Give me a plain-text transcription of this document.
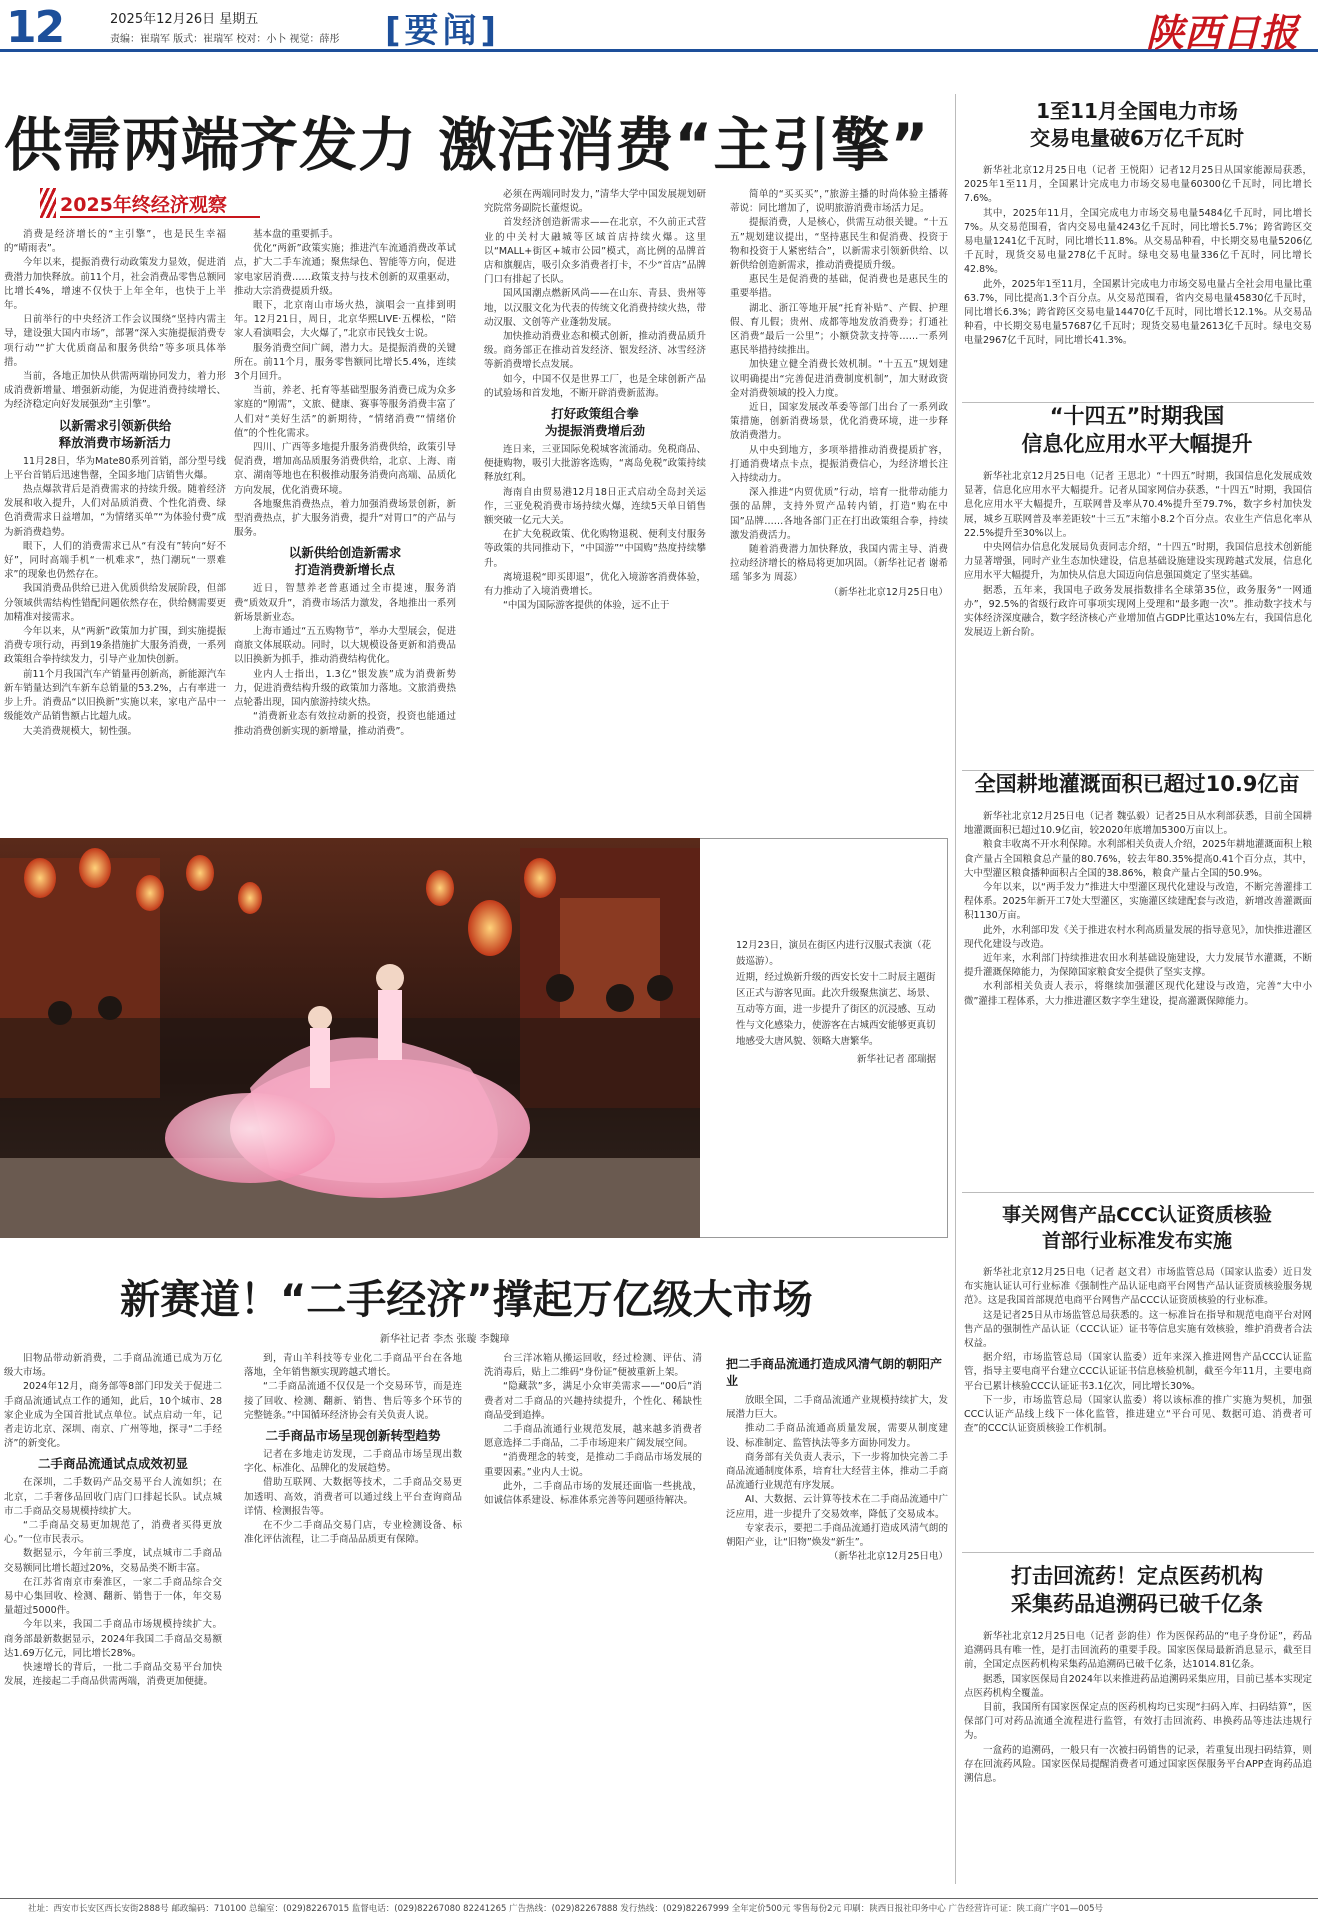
12	2025年12月26日 星期五
责编：崔瑞军 版式：崔瑞军 校对：小卜 视觉：薛彤 [要闻]	陕西日报
供需两端齐发力 激活消费“主引擎”
2025年终经济观察

消费是经济增长的“主引擎”，也是民生幸福的“晴雨表”。

今年以来，提振消费行动政策发力显效，促进消费潜力加快释放。前11个月，社会消费品零售总额同比增长4%，增速不仅快于上年全年，也快于上半年。

日前举行的中央经济工作会议围绕“坚持内需主导，建设强大国内市场”，部署“深入实施提振消费专项行动”“扩大优质商品和服务供给”等多项具体举措。

当前，各地正加快从供需两端协同发力，着力形成消费新增量、增强新动能，为促进消费持续增长、为经济稳定向好发展强劲“主引擎”。

以新需求引领新供给
释放消费市场新活力

11月28日，华为Mate80系列首销，部分型号线上平台首销后迅速售罄，全国多地门店销售火爆。

热点爆款背后是消费需求的持续升级。随着经济发展和收入提升，人们对品质消费、个性化消费、绿色消费需求日益增加，“为情绪买单”“为体验付费”成为新消费趋势。

眼下，人们的消费需求已从“有没有”转向“好不好”，同时高端手机“一机难求”，热门潮玩“一票难求”的现象也仍然存在。

我国消费品供给已进入优质供给发展阶段，但部分领域供需结构性错配问题依然存在，供给侧需要更加精准对接需求。

今年以来，从“两新”政策加力扩围，到实施提振消费专项行动，再到19条措施扩大服务消费，一系列政策组合拳持续发力，引导产业加快创新。

前11个月我国汽车产销量再创新高，新能源汽车新车销量达到汽车新车总销量的53.2%，占有率进一步上升。消费品“以旧换新”实施以来，家电产品中一级能效产品销售额占比超九成。

大美消费规模大，韧性强。

基本盘的重要抓手。

优化“两新”政策实施；推进汽车流通消费改革试点，扩大二手车流通；聚焦绿色、智能等方向，促进家电家居消费……政策支持与技术创新的双重驱动，推动大宗消费提质升级。

眼下，北京南山市场火热，演唱会一直排到明年。12月21日，周日，北京华熙LIVE·五棵松，“陪家人看演唱会，大火爆了，”北京市民钱女士说。

服务消费空间广阔，潜力大。是提振消费的关键所在。前11个月，服务零售额同比增长5.4%，连续3个月回升。

当前，养老、托育等基础型服务消费已成为众多家庭的“刚需”，文旅、健康、赛事等服务消费丰富了人们对“美好生活”的新期待，“情绪消费”“情绪价值”的个性化需求。

四川、广西等多地提升服务消费供给，政策引导促消费，增加高品质服务消费供给，北京、上海、南京、湖南等地也在积极推动服务消费向高端、品质化方向发展，优化消费环境。

各地聚焦消费热点，着力加强消费场景创新，新型消费热点，扩大服务消费，提升“对胃口”的产品与服务。

以新供给创造新需求
打造消费新增长点

近日，智慧养老普惠通过全市提速，服务消费“质效双升”，消费市场活力激发，各地推出一系列新场景新业态。

上海市通过“五五购物节”，举办大型展会，促进商旅文体展联动。同时，以大规模设备更新和消费品以旧换新为抓手，推动消费结构优化。

业内人士指出，1.3亿“银发族”成为消费新势力，促进消费结构升级的政策加力落地。文旅消费热点轮番出现，国内旅游持续火热。

“消费新业态有效拉动新的投资，投资也能通过推动消费创新实现的新增量，推动消费”。

必须在两端同时发力，”清华大学中国发展规划研究院常务副院长董煜说。

首发经济创造新需求——在北京，不久前正式营业的中关村大融城等区域首店持续火爆。这里以“MALL+街区+城市公园”模式，高比例的品牌首店和旗舰店，吸引众多消费者打卡，不少“首店”品牌门口有排起了长队。

国风国潮点燃新风尚——在山东、青县、贵州等地，以汉服文化为代表的传统文化消费持续火热，带动汉服、文创等产业蓬勃发展。

加快推动消费业态和模式创新，推动消费品质升级。商务部正在推动首发经济、银发经济、冰雪经济等新消费增长点发展。

如今，中国不仅是世界工厂，也是全球创新产品的试验场和首发地，不断开辟消费新蓝海。

打好政策组合拳
为提振消费增后劲

连日来，三亚国际免税城客流涌动。免税商品、便捷购物，吸引大批游客选购，“离岛免税”政策持续释放红利。

海南自由贸易港12月18日正式启动全岛封关运作，三亚免税消费市场持续火爆，连续5天单日销售额突破一亿元大关。

在扩大免税政策、优化购物退税、便利支付服务等政策的共同推动下，“中国游”“中国购”热度持续攀升。

离境退税“即买即退”，优化入境游客消费体验，有力推动了入境消费增长。

“中国为国际游客提供的体验，远不止于

简单的“买买买”，”旅游主播的时尚体验主播蒋蒂说：同比增加了，说明旅游消费市场活力足。

提振消费，人是核心，供需互动很关键。“十五五”规划建议提出，“坚持惠民生和促消费、投资于物和投资于人紧密结合”，以新需求引领新供给、以新供给创造新需求，推动消费提质升级。

惠民生是促消费的基础，促消费也是惠民生的重要举措。

湖北、浙江等地开展“托育补贴”、产假、护理假、育儿假；贵州、成都等地发放消费券；打通社区消费“最后一公里”；小额贷款支持等……一系列惠民举措持续推出。

加快建立健全消费长效机制。“十五五”规划建议明确提出“完善促进消费制度机制”，加大财政资金对消费领域的投入力度。

近日，国家发展改革委等部门出台了一系列政策措施，创新消费场景，优化消费环境，进一步释放消费潜力。

从中央到地方，多项举措推动消费提质扩容，打通消费堵点卡点，提振消费信心，为经济增长注入持续动力。

深入推进“内贸优质”行动，培育一批带动能力强的品牌，支持外贸产品转内销，打造“购在中国”品牌……各地各部门正在打出政策组合拳，持续激发消费活力。

随着消费潜力加快释放，我国内需主导、消费拉动经济增长的格局将更加巩固。（新华社记者 谢希瑶 邹多为 周蕊）

（新华社北京12月25日电）

12月23日，演员在街区内进行汉服式表演（花鼓巡游）。

近期，经过焕新升级的西安长安十二时辰主题街区正式与游客见面。此次升级聚焦演艺、场景、互动等方面，进一步提升了街区的沉浸感、互动性与文化感染力，使游客在古城西安能够更真切地感受大唐风貌、领略大唐繁华。

新华社记者 邵瑞据
新赛道！“二手经济”撑起万亿级大市场
新华社记者 李杰 张璇 李魏璋

旧物品带动新消费，二手商品流通已成为万亿级大市场。

2024年12月，商务部等8部门印发关于促进二手商品流通试点工作的通知，此后，10个城市、28家企业成为全国首批试点单位。试点启动一年，记者走访北京、深圳、南京、广州等地，探寻“二手经济”的新变化。

二手商品流通试点成效初显

在深圳，二手数码产品交易平台人流如织；在北京，二手奢侈品回收门店门口排起长队。试点城市二手商品交易规模持续扩大。

“二手商品交易更加规范了，消费者买得更放心。”一位市民表示。

数据显示，今年前三季度，试点城市二手商品交易额同比增长超过20%，交易品类不断丰富。

在江苏省南京市秦淮区，一家二手商品综合交易中心集回收、检测、翻新、销售于一体，年交易量超过5000件。

今年以来，我国二手商品市场规模持续扩大。商务部最新数据显示，2024年我国二手商品交易额达1.69万亿元，同比增长28%。

快速增长的背后，一批二手商品交易平台加快发展，连接起二手商品供需两端，消费更加便捷。

到，青山羊科技等专业化二手商品平台在各地落地，全年销售额实现跨越式增长。

“二手商品流通不仅仅是一个交易环节，而是连接了回收、检测、翻新、销售、售后等多个环节的完整链条。”中国循环经济协会有关负责人说。

二手商品市场呈现创新转型趋势

记者在多地走访发现，二手商品市场呈现出数字化、标准化、品牌化的发展趋势。

借助互联网、大数据等技术，二手商品交易更加透明、高效，消费者可以通过线上平台查询商品详情、检测报告等。

在不少二手商品交易门店，专业检测设备、标准化评估流程，让二手商品品质更有保障。

台三洋冰箱从搬运回收，经过检测、评估、清洗消毒后，贴上二维码“身份证”便被重新上架。

“隐藏款”多，满足小众审美需求——“00后”消费者对二手商品的兴趣持续提升，个性化、稀缺性商品受到追捧。

二手商品流通行业规范发展，越来越多消费者愿意选择二手商品，二手市场迎来广阔发展空间。

“消费理念的转变，是推动二手商品市场发展的重要因素。”业内人士说。

此外，二手商品市场的发展还面临一些挑战，如诚信体系建设、标准体系完善等问题亟待解决。

把二手商品流通打造成风清气朗的朝阳产业

放眼全国，二手商品流通产业规模持续扩大，发展潜力巨大。

推动二手商品流通高质量发展，需要从制度建设、标准制定、监管执法等多方面协同发力。

商务部有关负责人表示，下一步将加快完善二手商品流通制度体系，培育壮大经营主体，推动二手商品流通行业规范有序发展。

AI、大数据、云计算等技术在二手商品流通中广泛应用，进一步提升了交易效率，降低了交易成本。

专家表示，要把二手商品流通打造成风清气朗的朝阳产业，让“旧物”焕发“新生”。

（新华社北京12月25日电）
1至11月全国电力市场
交易电量破6万亿千瓦时

新华社北京12月25日电（记者 王悦阳）记者12月25日从国家能源局获悉，2025年1至11月，全国累计完成电力市场交易电量60300亿千瓦时，同比增长7.6%。

其中，2025年11月，全国完成电力市场交易电量5484亿千瓦时，同比增长7%。从交易范围看，省内交易电量4243亿千瓦时，同比增长5.7%；跨省跨区交易电量1241亿千瓦时，同比增长11.8%。从交易品种看，中长期交易电量5206亿千瓦时，现货交易电量278亿千瓦时。绿电交易电量336亿千瓦时，同比增长42.8%。

此外，2025年1至11月，全国累计完成电力市场交易电量占全社会用电量比重63.7%，同比提高1.3个百分点。从交易范围看，省内交易电量45830亿千瓦时，同比增长6.3%；跨省跨区交易电量14470亿千瓦时，同比增长12.1%。从交易品种看，中长期交易电量57687亿千瓦时；现货交易电量2613亿千瓦时。绿电交易电量2967亿千瓦时，同比增长41.3%。

“十四五”时期我国
信息化应用水平大幅提升

新华社北京12月25日电（记者 王思北）“十四五”时期，我国信息化发展成效显著，信息化应用水平大幅提升。记者从国家网信办获悉，“十四五”时期，我国信息化应用水平大幅提升，互联网普及率从70.4%提升至79.7%，数字乡村加快发展，城乡互联网普及率差距较“十三五”末缩小8.2个百分点。农业生产信息化率从22.5%提升至30%以上。

中央网信办信息化发展局负责同志介绍，“十四五”时期，我国信息技术创新能力显著增强，同时产业生态加快建设，信息基础设施建设实现跨越式发展，信息化应用水平大幅提升，为加快从信息大国迈向信息强国奠定了坚实基础。

据悉，五年来，我国电子政务发展指数排名全球第35位，政务服务“一网通办”，92.5%的省级行政许可事项实现网上受理和“最多跑一次”。推动数字技术与实体经济深度融合，数字经济核心产业增加值占GDP比重达10%左右，我国信息化发展迈上新台阶。

全国耕地灌溉面积已超过10.9亿亩

新华社北京12月25日电（记者 魏弘毅）记者25日从水利部获悉，目前全国耕地灌溉面积已超过10.9亿亩，较2020年底增加5300万亩以上。

粮食丰收离不开水利保障。水利部相关负责人介绍，2025年耕地灌溉面积上粮食产量占全国粮食总产量的80.76%，较去年80.35%提高0.41个百分点，其中，大中型灌区粮食播种面积占全国的38.86%，粮食产量占全国的50.9%。

今年以来，以“两手发力”推进大中型灌区现代化建设与改造，不断完善灌排工程体系。2025年新开工7处大型灌区，实施灌区续建配套与改造，新增改善灌溉面积1130万亩。

此外，水利部印发《关于推进农村水利高质量发展的指导意见》，加快推进灌区现代化建设与改造。

近年来，水利部门持续推进农田水利基础设施建设，大力发展节水灌溉，不断提升灌溉保障能力，为保障国家粮食安全提供了坚实支撑。

水利部相关负责人表示，将继续加强灌区现代化建设与改造，完善“大中小微”灌排工程体系，大力推进灌区数字孪生建设，提高灌溉保障能力。

事关网售产品CCC认证资质核验
首部行业标准发布实施

新华社北京12月25日电（记者 赵文君）市场监管总局（国家认监委）近日发布实施认证认可行业标准《强制性产品认证电商平台网售产品认证资质核验服务规范》。这是我国首部规范电商平台网售产品CCC认证资质核验的行业标准。

这是记者25日从市场监管总局获悉的。这一标准旨在指导和规范电商平台对网售产品的强制性产品认证（CCC认证）证书等信息实施有效核验，维护消费者合法权益。

据介绍，市场监管总局（国家认监委）近年来深入推进网售产品CCC认证监管，指导主要电商平台建立CCC认证证书信息核验机制，截至今年11月，主要电商平台已累计核验CCC认证证书3.1亿次，同比增长30%。

下一步，市场监管总局（国家认监委）将以该标准的推广实施为契机，加强CCC认证产品线上线下一体化监管，推进建立“平台可见、数据可追、消费者可查”的CCC认证资质核验工作机制。

打击回流药！定点医药机构
采集药品追溯码已破千亿条

新华社北京12月25日电（记者 彭韵佳）作为医保药品的“电子身份证”，药品追溯码具有唯一性，是打击回流药的重要手段。国家医保局最新消息显示，截至目前，全国定点医药机构采集药品追溯码已破千亿条，达1014.81亿条。

据悉，国家医保局自2024年以来推进药品追溯码采集应用，目前已基本实现定点医药机构全覆盖。

目前，我国所有国家医保定点的医药机构均已实现“扫码入库、扫码结算”，医保部门可对药品流通全流程进行监管，有效打击回流药、串换药品等违法违规行为。

一盒药的追溯码，一般只有一次被扫码销售的记录，若重复出现扫码结算，则存在回流药风险。国家医保局提醒消费者可通过国家医保服务平台APP查询药品追溯信息。

社址：西安市长安区西长安街2888号 邮政编码：710100 总编室：(029)82267015 监督电话：(029)82267080 82241265 广告热线：(029)82267888 发行热线：(029)82267999 全年定价500元 零售每份2元 印刷：陕西日报社印务中心 广告经营许可证：陕工商广字01—005号
